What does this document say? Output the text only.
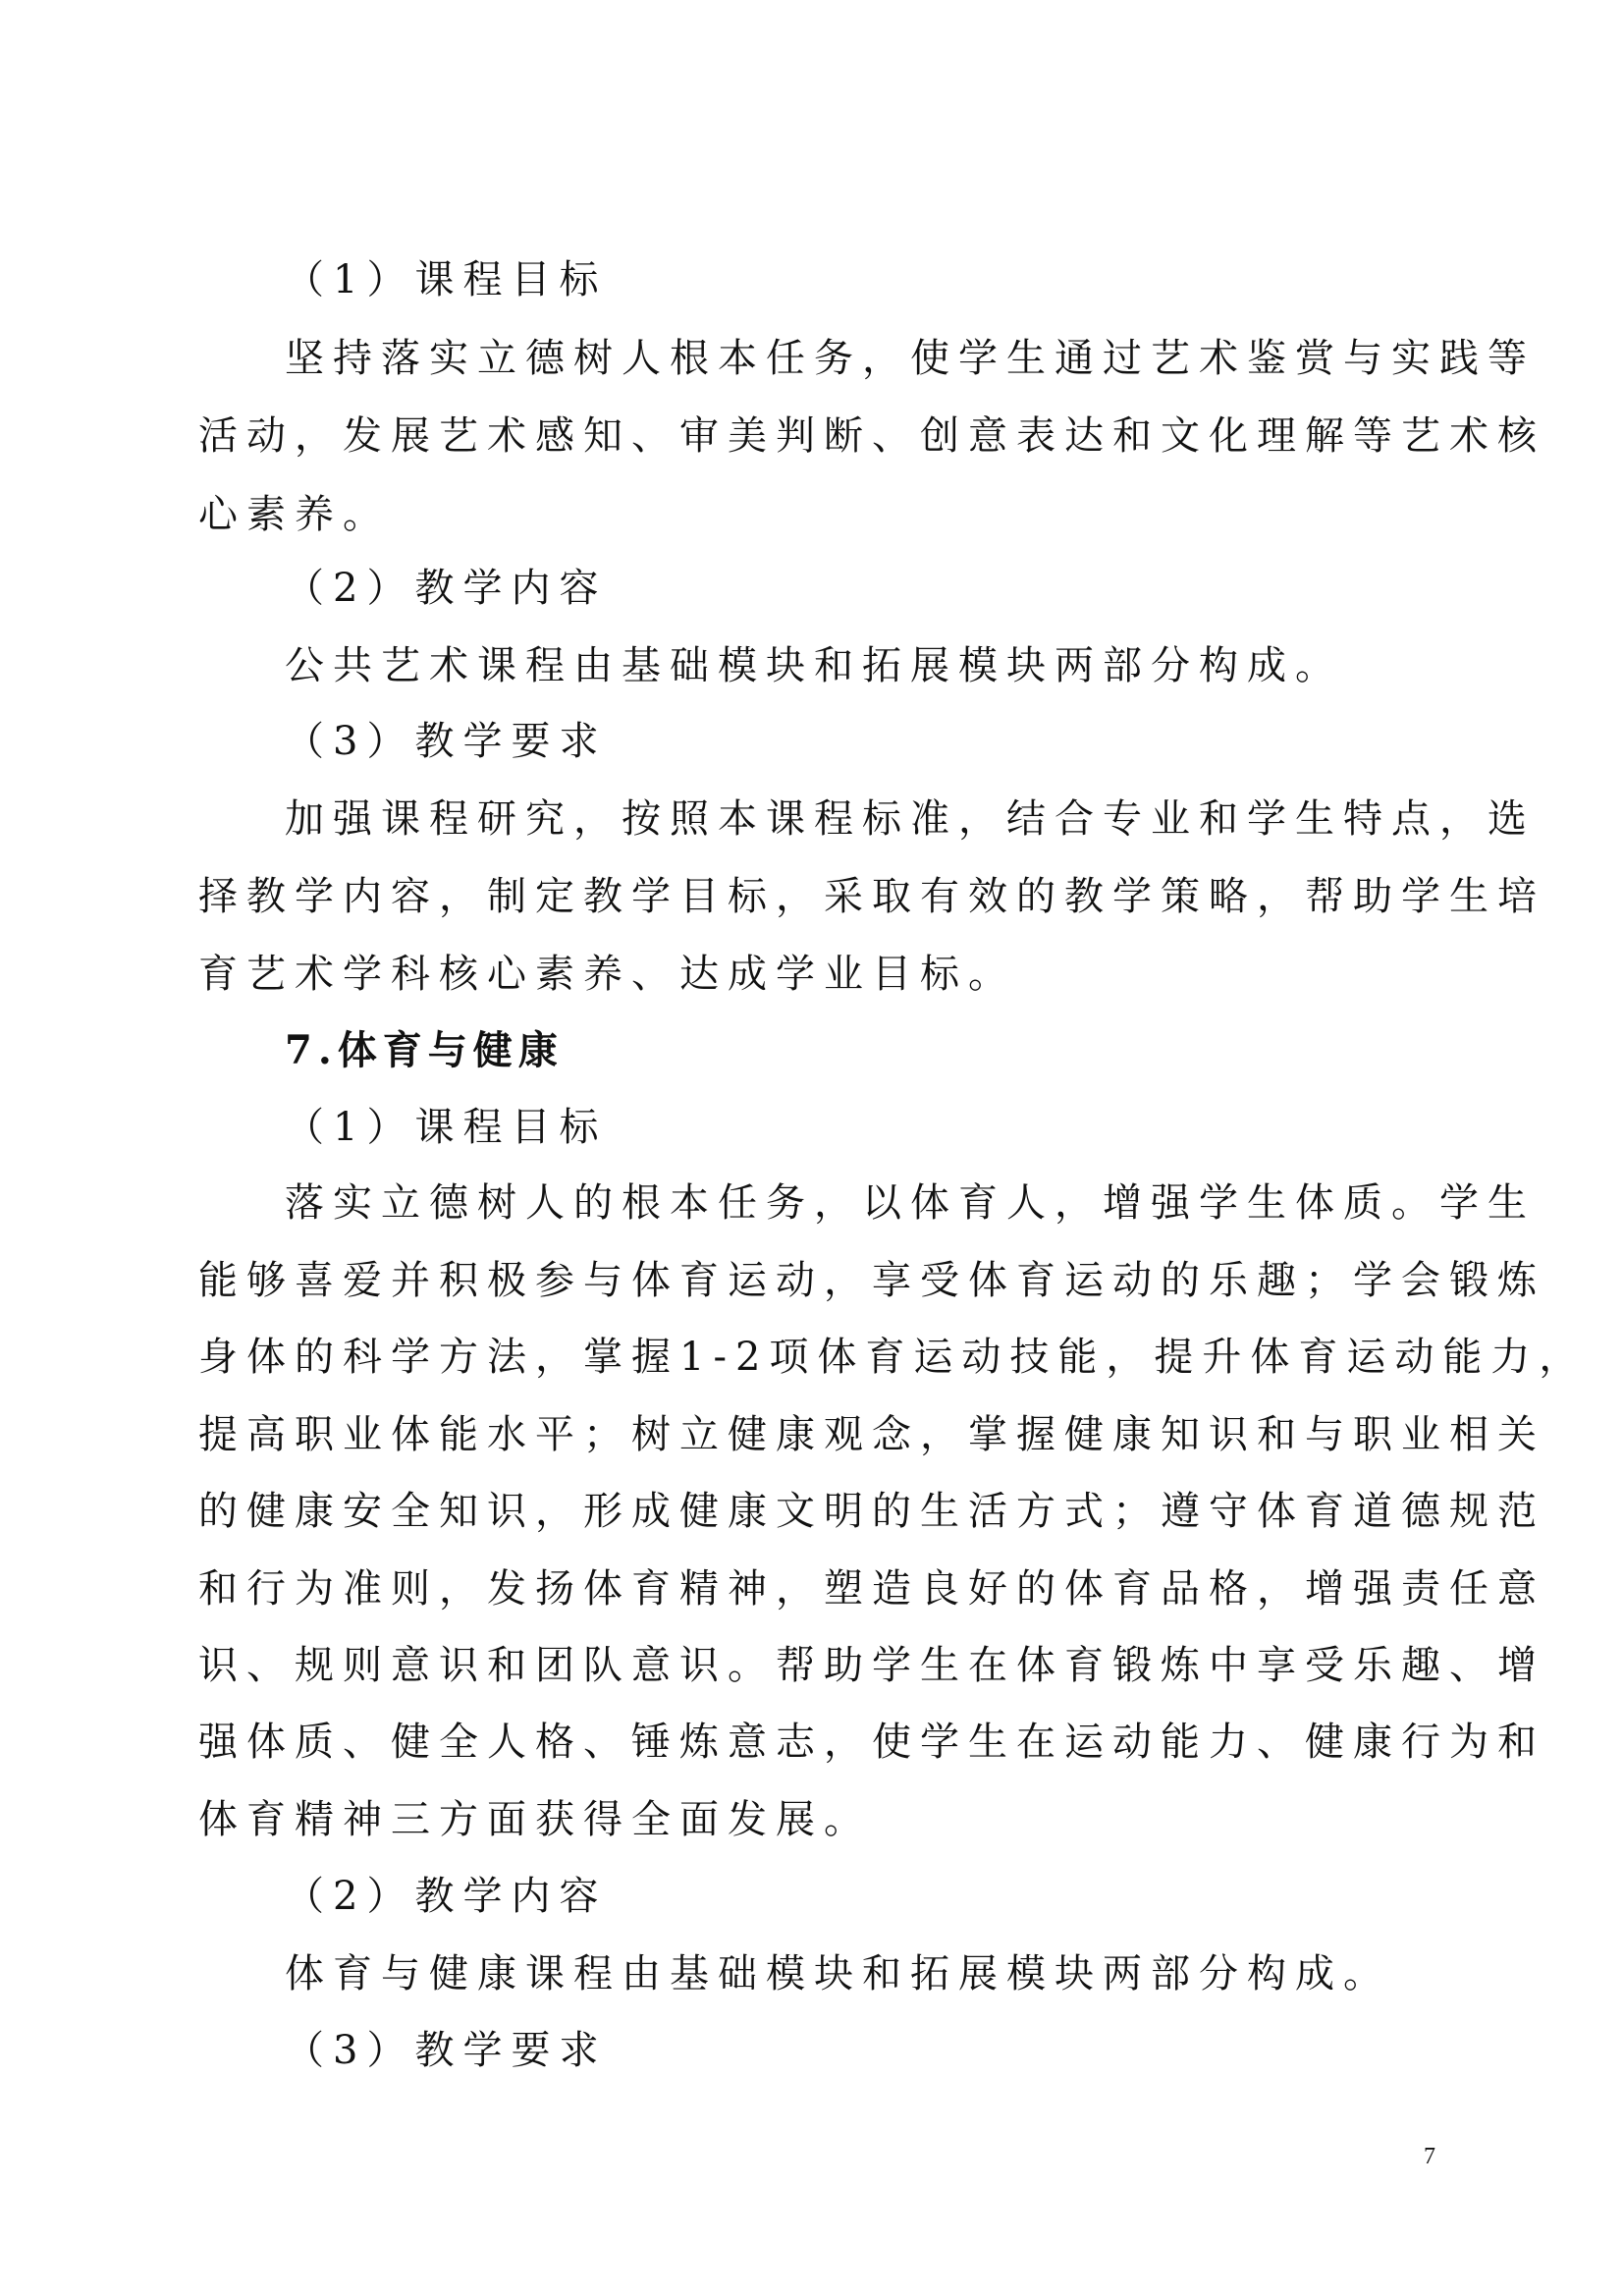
（1）课程目标
坚持落实立德树人根本任务，使学生通过艺术鉴赏与实践等
活动，发展艺术感知、审美判断、创意表达和文化理解等艺术核
心素养。
（2）教学内容
公共艺术课程由基础模块和拓展模块两部分构成。
（3）教学要求
加强课程研究，按照本课程标准，结合专业和学生特点，选
择教学内容，制定教学目标，采取有效的教学策略，帮助学生培
育艺术学科核心素养、达成学业目标。
7.体育与健康
（1）课程目标
落实立德树人的根本任务，以体育人，增强学生体质。学生
能够喜爱并积极参与体育运动，享受体育运动的乐趣；学会锻炼
身体的科学方法，掌握1-2项体育运动技能，提升体育运动能力，
提高职业体能水平；树立健康观念，掌握健康知识和与职业相关
的健康安全知识，形成健康文明的生活方式；遵守体育道德规范
和行为准则，发扬体育精神，塑造良好的体育品格，增强责任意
识、规则意识和团队意识。帮助学生在体育锻炼中享受乐趣、增
强体质、健全人格、锤炼意志，使学生在运动能力、健康行为和
体育精神三方面获得全面发展。
（2）教学内容
体育与健康课程由基础模块和拓展模块两部分构成。
（3）教学要求
7
